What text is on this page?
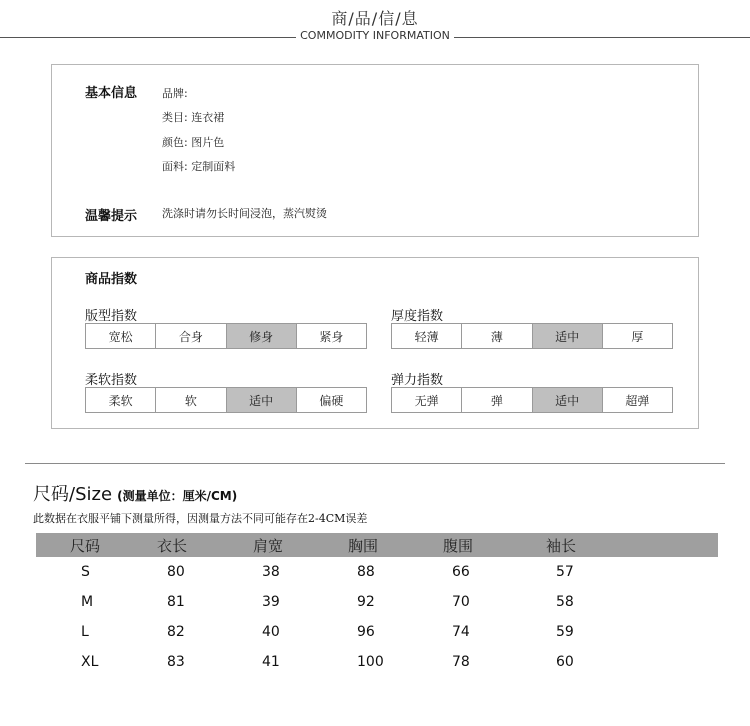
商/品/信/息
COMMODITY INFORMATION
基本信息 品牌:
类目: 连衣裙
颜色: 图片色
面料: 定制面料
温馨提示 洗涤时请勿长时间浸泡，蒸汽熨烫
商品指数
版型指数
宽松	合身	修身	紧身
厚度指数
轻薄	薄	适中	厚
柔软指数
柔软	软	适中	偏硬
弹力指数
无弹	弹	适中	超弹
尺码/Size (测量单位：厘米/CM)
此数据在衣服平铺下测量所得，因测量方法不同可能存在2-4CM误差
尺码	衣长	肩宽	胸围	腹围	袖长
S	80	38	88	66	57
M	81	39	92	70	58
L	82	40	96	74	59
XL	83	41	100	78	60
